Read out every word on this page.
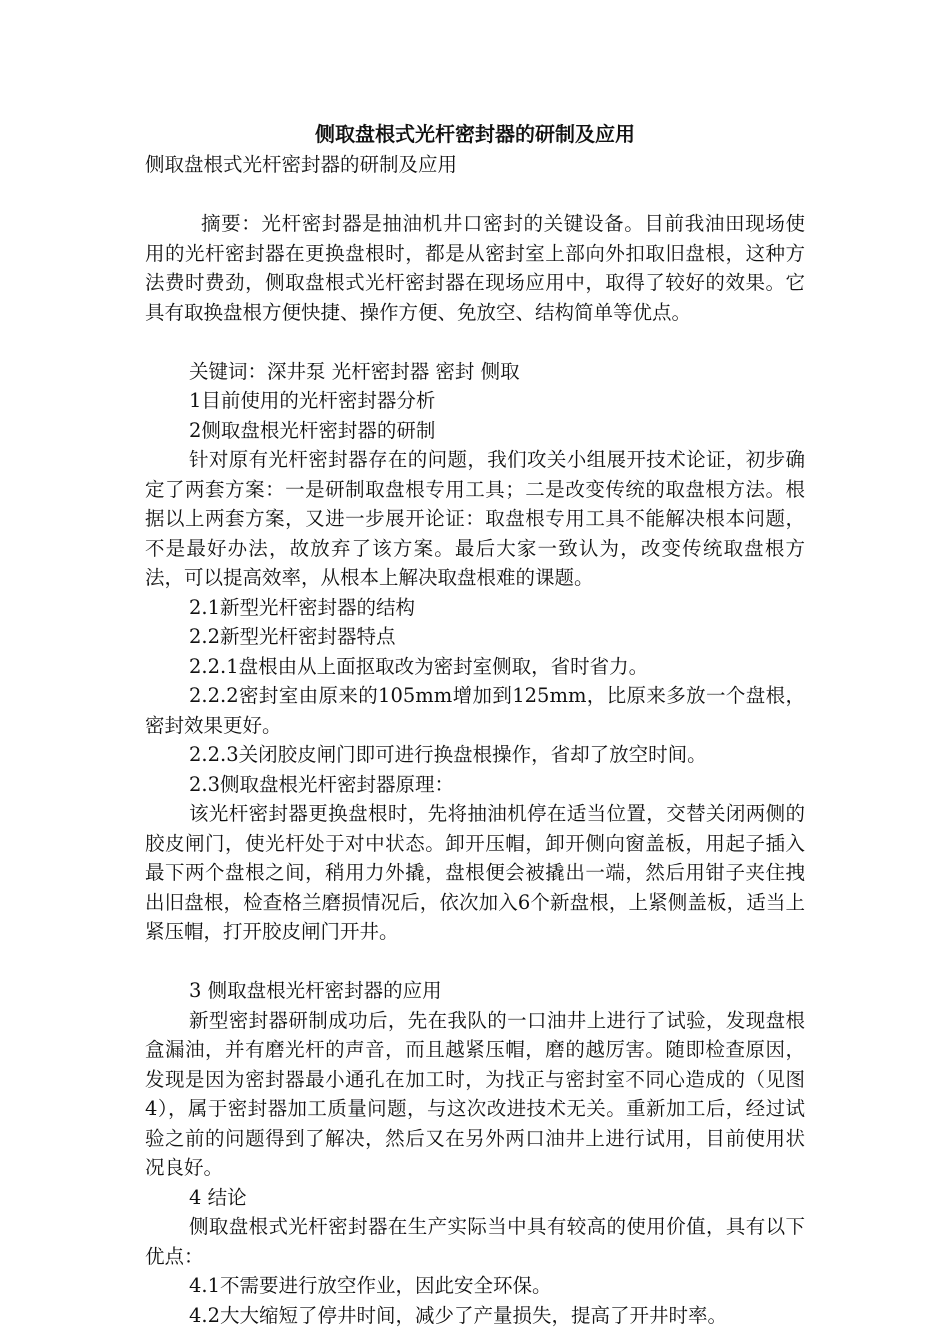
侧取盘根式光杆密封器的研制及应用

侧取盘根式光杆密封器的研制及应用

摘要：光杆密封器是抽油机井口密封的关键设备。目前我油田现场使用的光杆密封器在更换盘根时，都是从密封室上部向外扣取旧盘根，这种方法费时费劲，侧取盘根式光杆密封器在现场应用中，取得了较好的效果。它具有取换盘根方便快捷、操作方便、免放空、结构简单等优点。

关键词：深井泵 光杆密封器 密封 侧取

1目前使用的光杆密封器分析

2侧取盘根光杆密封器的研制

针对原有光杆密封器存在的问题，我们攻关小组展开技术论证，初步确定了两套方案：一是研制取盘根专用工具；二是改变传统的取盘根方法。根据以上两套方案，又进一步展开论证：取盘根专用工具不能解决根本问题，不是最好办法，故放弃了该方案。最后大家一致认为，改变传统取盘根方法，可以提高效率，从根本上解决取盘根难的课题。

2.1新型光杆密封器的结构

2.2新型光杆密封器特点

2.2.1盘根由从上面抠取改为密封室侧取，省时省力。

2.2.2密封室由原来的105mm增加到125mm，比原来多放一个盘根，密封效果更好。

2.2.3关闭胶皮闸门即可进行换盘根操作，省却了放空时间。

2.3侧取盘根光杆密封器原理：

该光杆密封器更换盘根时，先将抽油机停在适当位置，交替关闭两侧的胶皮闸门，使光杆处于对中状态。卸开压帽，卸开侧向窗盖板，用起子插入最下两个盘根之间，稍用力外撬，盘根便会被撬出一端，然后用钳子夹住拽出旧盘根，检查格兰磨损情况后，依次加入6个新盘根，上紧侧盖板，适当上紧压帽，打开胶皮闸门开井。

3 侧取盘根光杆密封器的应用

新型密封器研制成功后，先在我队的一口油井上进行了试验，发现盘根盒漏油，并有磨光杆的声音，而且越紧压帽，磨的越厉害。随即检查原因，发现是因为密封器最小通孔在加工时，为找正与密封室不同心造成的（见图4），属于密封器加工质量问题，与这次改进技术无关。重新加工后，经过试验之前的问题得到了解决，然后又在另外两口油井上进行试用，目前使用状况良好。

4 结论

侧取盘根式光杆密封器在生产实际当中具有较高的使用价值，具有以下优点：

4.1不需要进行放空作业，因此安全环保。

4.2大大缩短了停井时间，减少了产量损失，提高了开井时率。
